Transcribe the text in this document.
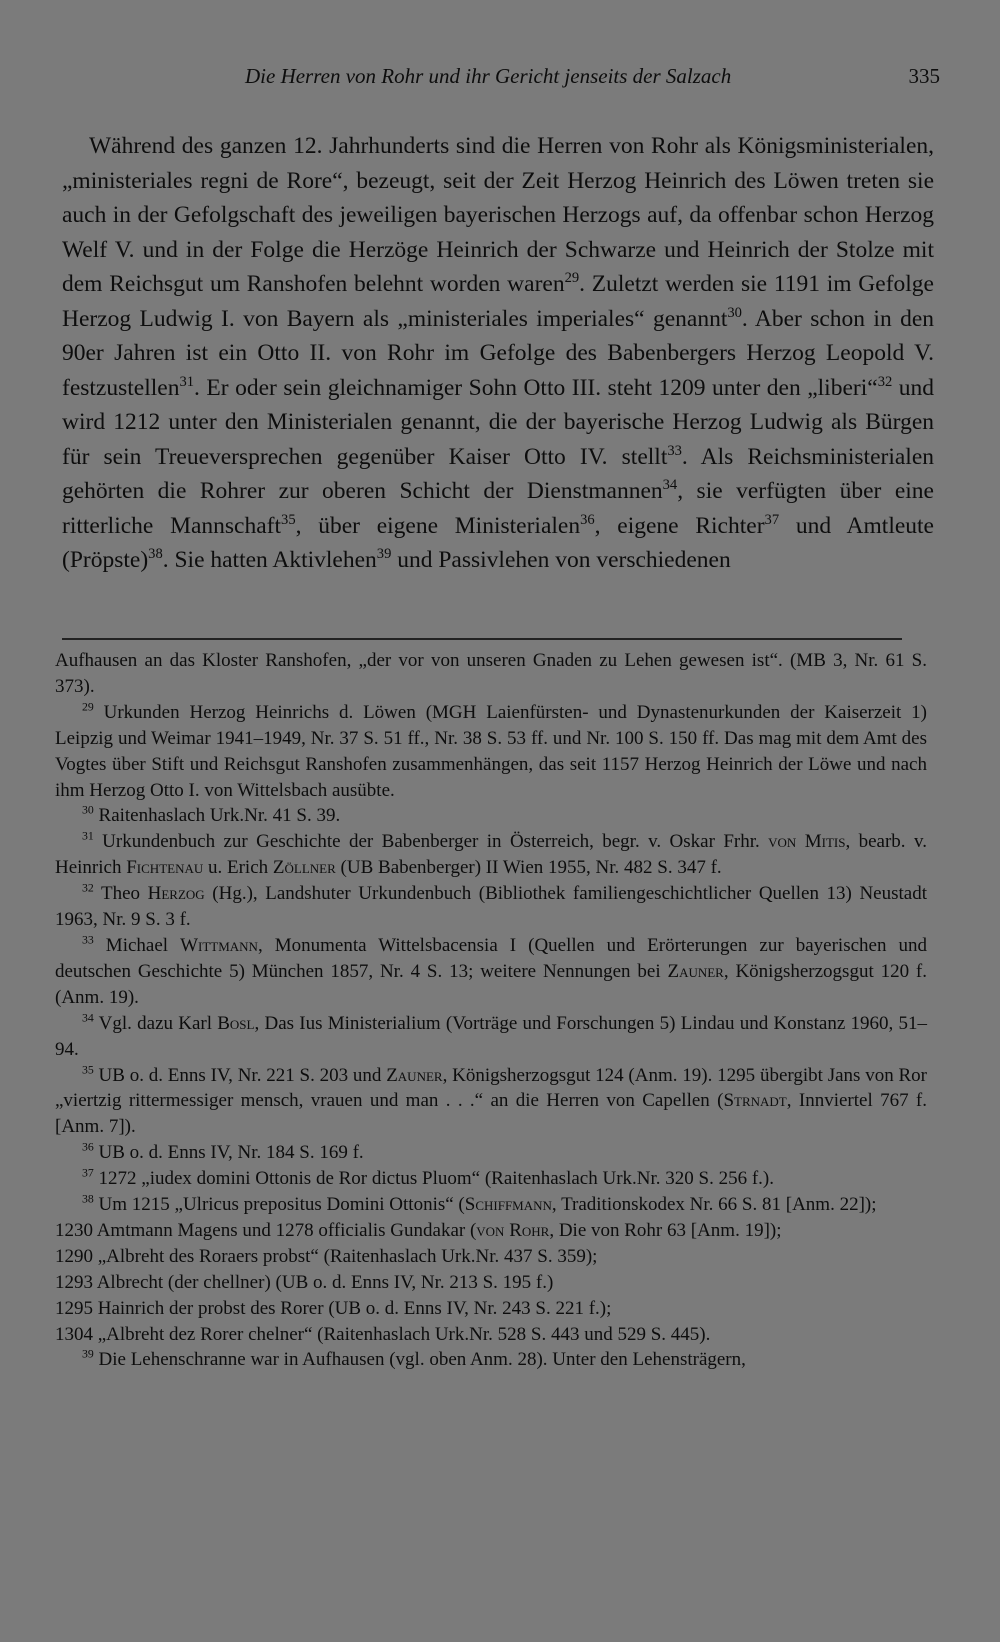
Die Herren von Rohr und ihr Gericht jenseits der Salzach	335

Während des ganzen 12. Jahrhunderts sind die Herren von Rohr als Königsministerialen, „ministeriales regni de Rore“, bezeugt, seit der Zeit Herzog Heinrich des Löwen treten sie auch in der Gefolgschaft des jeweiligen bayerischen Herzogs auf, da offenbar schon Herzog Welf V. und in der Folge die Herzöge Heinrich der Schwarze und Heinrich der Stolze mit dem Reichsgut um Ranshofen belehnt worden waren$^{29}$. Zuletzt werden sie 1191 im Gefolge Herzog Ludwig I. von Bayern als „ministeriales imperiales“ genannt$^{30}$. Aber schon in den 90er Jahren ist ein Otto II. von Rohr im Gefolge des Babenbergers Herzog Leopold V. festzustellen$^{31}$. Er oder sein gleichnamiger Sohn Otto III. steht 1209 unter den „liberi“$^{32}$ und wird 1212 unter den Ministerialen genannt, die der bayerische Herzog Ludwig als Bürgen für sein Treueversprechen gegenüber Kaiser Otto IV. stellt$^{33}$. Als Reichsministerialen gehörten die Rohrer zur oberen Schicht der Dienstmannen$^{34}$, sie verfügten über eine ritterliche Mannschaft$^{35}$, über eigene Ministerialen$^{36}$, eigene Richter$^{37}$ und Amtleute (Pröpste)$^{38}$. Sie hatten Aktivlehen$^{39}$ und Passivlehen von verschiedenen

Aufhausen an das Kloster Ranshofen, „der vor von unseren Gnaden zu Lehen gewesen ist“. (MB 3, Nr. 61 S. 373).

$^{29}$ Urkunden Herzog Heinrichs d. Löwen (MGH Laienfürsten- und Dynastenurkunden der Kaiserzeit 1) Leipzig und Weimar 1941–1949, Nr. 37 S. 51 ff., Nr. 38 S. 53 ff. und Nr. 100 S. 150 ff. Das mag mit dem Amt des Vogtes über Stift und Reichsgut Ranshofen zusammenhängen, das seit 1157 Herzog Heinrich der Löwe und nach ihm Herzog Otto I. von Wittelsbach ausübte.

$^{30}$ Raitenhaslach Urk.Nr. 41 S. 39.

$^{31}$ Urkundenbuch zur Geschichte der Babenberger in Österreich, begr. v. Oskar Frhr. von Mitis, bearb. v. Heinrich Fichtenau u. Erich Zöllner (UB Babenberger) II Wien 1955, Nr. 482 S. 347 f.

$^{32}$ Theo Herzog (Hg.), Landshuter Urkundenbuch (Bibliothek familiengeschichtlicher Quellen 13) Neustadt 1963, Nr. 9 S. 3 f.

$^{33}$ Michael Wittmann, Monumenta Wittelsbacensia I (Quellen und Erörterungen zur bayerischen und deutschen Geschichte 5) München 1857, Nr. 4 S. 13; weitere Nennungen bei Zauner, Königsherzogsgut 120 f. (Anm. 19).

$^{34}$ Vgl. dazu Karl Bosl, Das Ius Ministerialium (Vorträge und Forschungen 5) Lindau und Konstanz 1960, 51–94.

$^{35}$ UB o. d. Enns IV, Nr. 221 S. 203 und Zauner, Königsherzogsgut 124 (Anm. 19). 1295 übergibt Jans von Ror „viertzig rittermessiger mensch, vrauen und man . . .“ an die Herren von Capellen (Strnadt, Innviertel 767 f. [Anm. 7]).

$^{36}$ UB o. d. Enns IV, Nr. 184 S. 169 f.

$^{37}$ 1272 „iudex domini Ottonis de Ror dictus Pluom“ (Raitenhaslach Urk.Nr. 320 S. 256 f.).

$^{38}$ Um 1215 „Ulricus prepositus Domini Ottonis“ (Schiffmann, Traditionskodex Nr. 66 S. 81 [Anm. 22]);

1230 Amtmann Magens und 1278 officialis Gundakar (von Rohr, Die von Rohr 63 [Anm. 19]);

1290 „Albreht des Roraers probst“ (Raitenhaslach Urk.Nr. 437 S. 359);

1293 Albrecht (der chellner) (UB o. d. Enns IV, Nr. 213 S. 195 f.)

1295 Hainrich der probst des Rorer (UB o. d. Enns IV, Nr. 243 S. 221 f.);

1304 „Albreht dez Rorer chelner“ (Raitenhaslach Urk.Nr. 528 S. 443 und 529 S. 445).

$^{39}$ Die Lehenschranne war in Aufhausen (vgl. oben Anm. 28). Unter den Lehensträgern,
